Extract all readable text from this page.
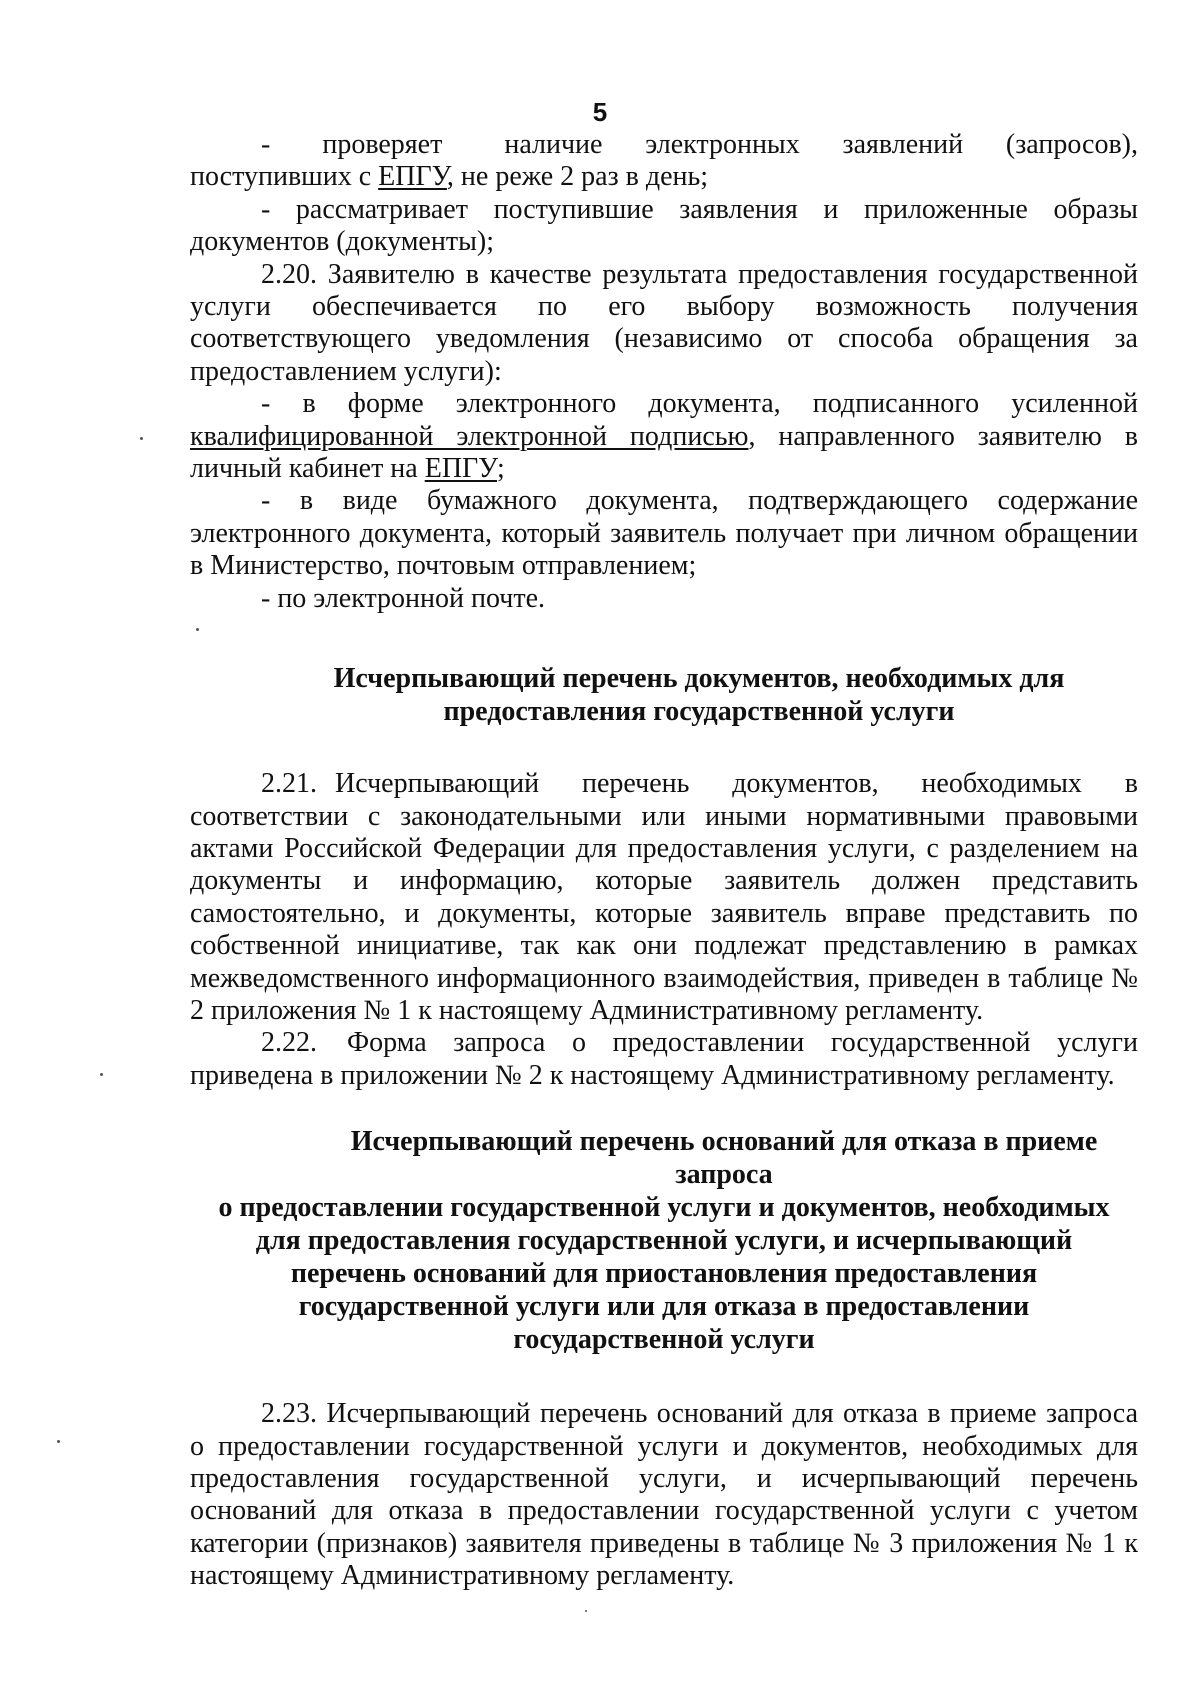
5

- проверяет наличие электронных заявлений (запросов),

поступивших с ЕПГУ, не реже 2 раз в день;

- рассматривает поступившие заявления и приложенные образы документов (документы);

2.20. Заявителю в качестве результата предоставления государственной услуги обеспечивается по его выбору возможность получения соответствующего уведомления (независимо от способа обращения за предоставлением услуги):

- в форме электронного документа, подписанного усиленной квалифицированной электронной подписью, направленного заявителю в личный кабинет на ЕПГУ;

- в виде бумажного документа, подтверждающего содержание электронного документа, который заявитель получает при личном обращении в Министерство, почтовым отправлением;

- по электронной почте.

Исчерпывающий перечень документов, необходимых для
предоставления государственной услуги

2.21. Исчерпывающий перечень документов, необходимых в соответствии с законодательными или иными нормативными правовыми актами Российской Федерации для предоставления услуги, с разделением на документы и информацию, которые заявитель должен представить самостоятельно, и документы, которые заявитель вправе представить по собственной инициативе, так как они подлежат представлению в рамках межведомственного информационного взаимодействия, приведен в таблице № 2 приложения № 1 к настоящему Административному регламенту.

2.22. Форма запроса о предоставлении государственной услуги приведена в приложении № 2 к настоящему Административному регламенту.

Исчерпывающий перечень оснований для отказа в приеме запроса
о предоставлении государственной услуги и документов, необходимых
для предоставления государственной услуги, и исчерпывающий
перечень оснований для приостановления предоставления
государственной услуги или для отказа в предоставлении
государственной услуги

2.23. Исчерпывающий перечень оснований для отказа в приеме запроса о предоставлении государственной услуги и документов, необходимых для предоставления государственной услуги, и исчерпывающий перечень оснований для отказа в предоставлении государственной услуги с учетом категории (признаков) заявителя приведены в таблице № 3 приложения № 1 к настоящему Административному регламенту.
